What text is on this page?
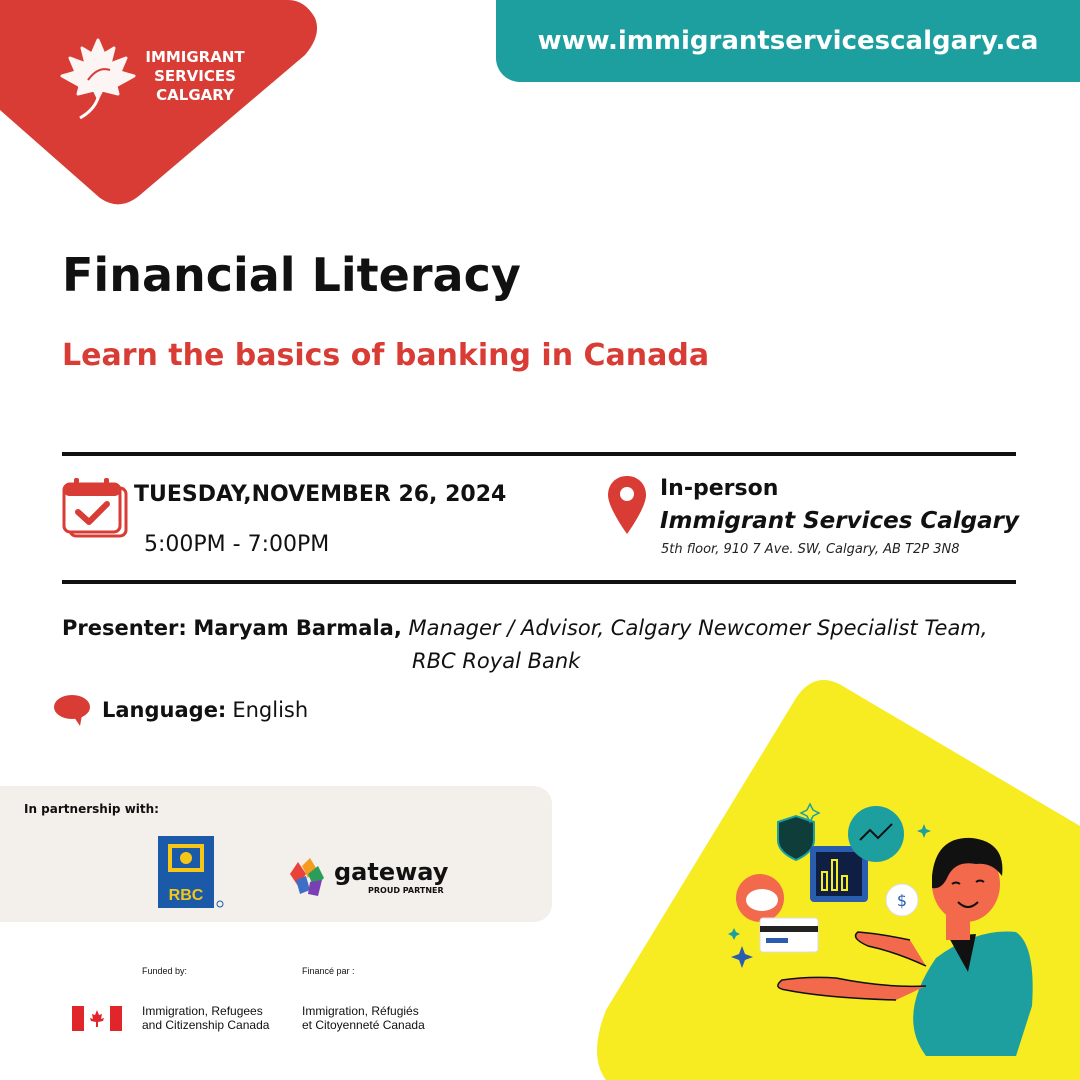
IMMIGRANT
SERVICES
CALGARY
www.immigrantservicescalgary.ca
Financial Literacy
Learn the basics of banking in Canada
TUESDAY,NOVEMBER 26, 2024
5:00PM - 7:00PM
In-person
Immigrant Services Calgary
5th floor, 910 7 Ave. SW, Calgary, AB T2P 3N8
Presenter: Maryam Barmala, Manager / Advisor, Calgary Newcomer Specialist Team,
RBC Royal Bank
Language: English
In partnership with:
RBC
gateway
PROUD PARTNER
Funded by:	Financé par :
Immigration, Refugees
and Citizenship Canada
Immigration, Réfugiés
et Citoyenneté Canada
$
